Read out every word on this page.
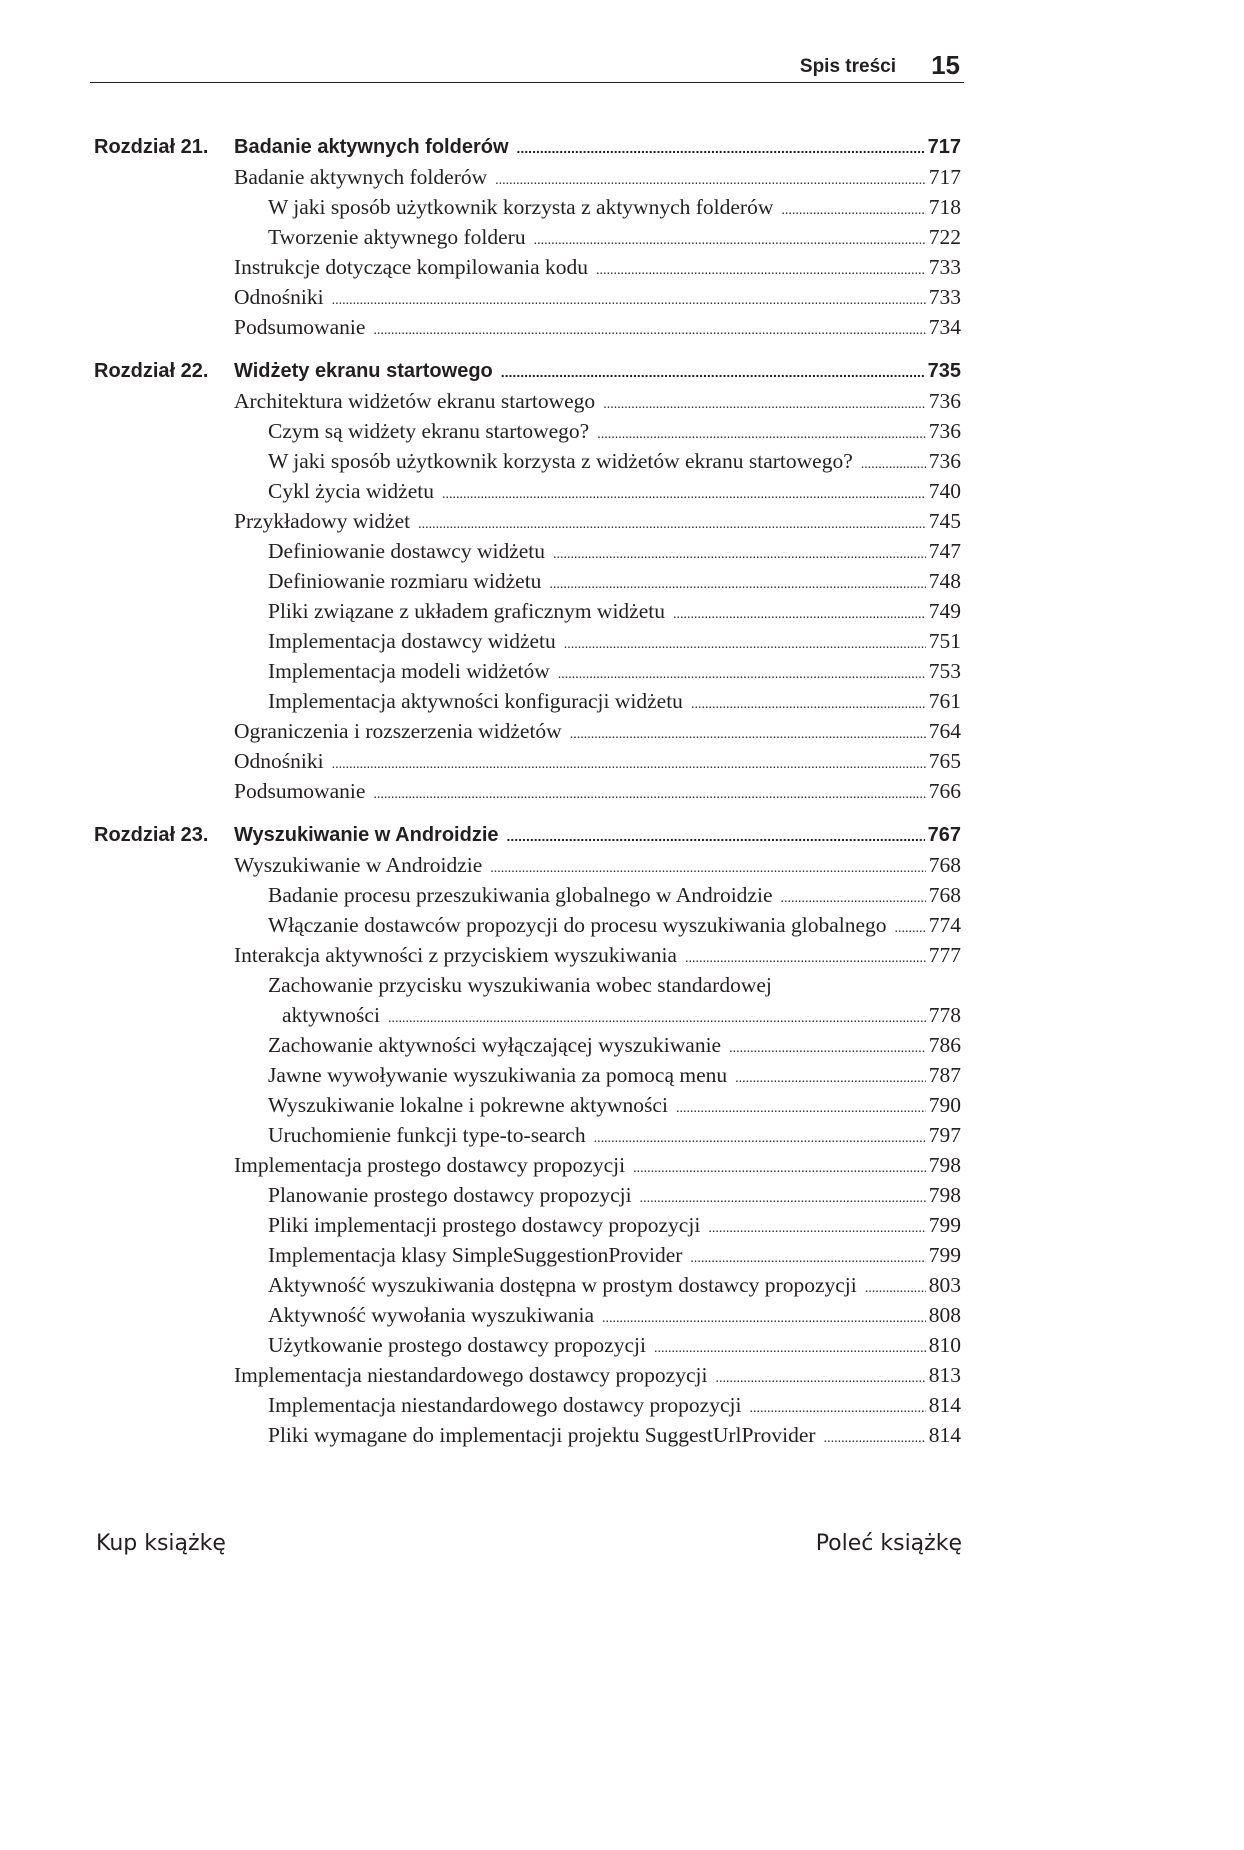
Spis treści 15
Rozdział 21. Badanie aktywnych folderów .....	717
Badanie aktywnych folderów .....	717
W jaki sposób użytkownik korzysta z aktywnych folderów .....	718
Tworzenie aktywnego folderu .....	722
Instrukcje dotyczące kompilowania kodu .....	733
Odnośniki .....	733
Podsumowanie .....	734
Rozdział 22. Widżety ekranu startowego .....	735
Architektura widżetów ekranu startowego .....	736
Czym są widżety ekranu startowego? .....	736
W jaki sposób użytkownik korzysta z widżetów ekranu startowego? .....	736
Cykl życia widżetu .....	740
Przykładowy widżet .....	745
Definiowanie dostawcy widżetu .....	747
Definiowanie rozmiaru widżetu .....	748
Pliki związane z układem graficznym widżetu .....	749
Implementacja dostawcy widżetu .....	751
Implementacja modeli widżetów .....	753
Implementacja aktywności konfiguracji widżetu .....	761
Ograniczenia i rozszerzenia widżetów .....	764
Odnośniki .....	765
Podsumowanie .....	766
Rozdział 23. Wyszukiwanie w Androidzie .....	767
Wyszukiwanie w Androidzie .....	768
Badanie procesu przeszukiwania globalnego w Androidzie .....	768
Włączanie dostawców propozycji do procesu wyszukiwania globalnego ..... 774
Interakcja aktywności z przyciskiem wyszukiwania .....	777
Zachowanie przycisku wyszukiwania wobec standardowej
aktywności .....	778
Zachowanie aktywności wyłączającej wyszukiwanie .....	786
Jawne wywoływanie wyszukiwania za pomocą menu .....	787
Wyszukiwanie lokalne i pokrewne aktywności .....	790
Uruchomienie funkcji type-to-search .....	797
Implementacja prostego dostawcy propozycji .....	798
Planowanie prostego dostawcy propozycji .....	798
Pliki implementacji prostego dostawcy propozycji .....	799
Implementacja klasy SimpleSuggestionProvider .....	799
Aktywność wyszukiwania dostępna w prostym dostawcy propozycji .....	803
Aktywność wywołania wyszukiwania .....	808
Użytkowanie prostego dostawcy propozycji .....	810
Implementacja niestandardowego dostawcy propozycji .....	813
Implementacja niestandardowego dostawcy propozycji .....	814
Pliki wymagane do implementacji projektu SuggestUrlProvider .....	814
Kup książkę	Poleć książkę
